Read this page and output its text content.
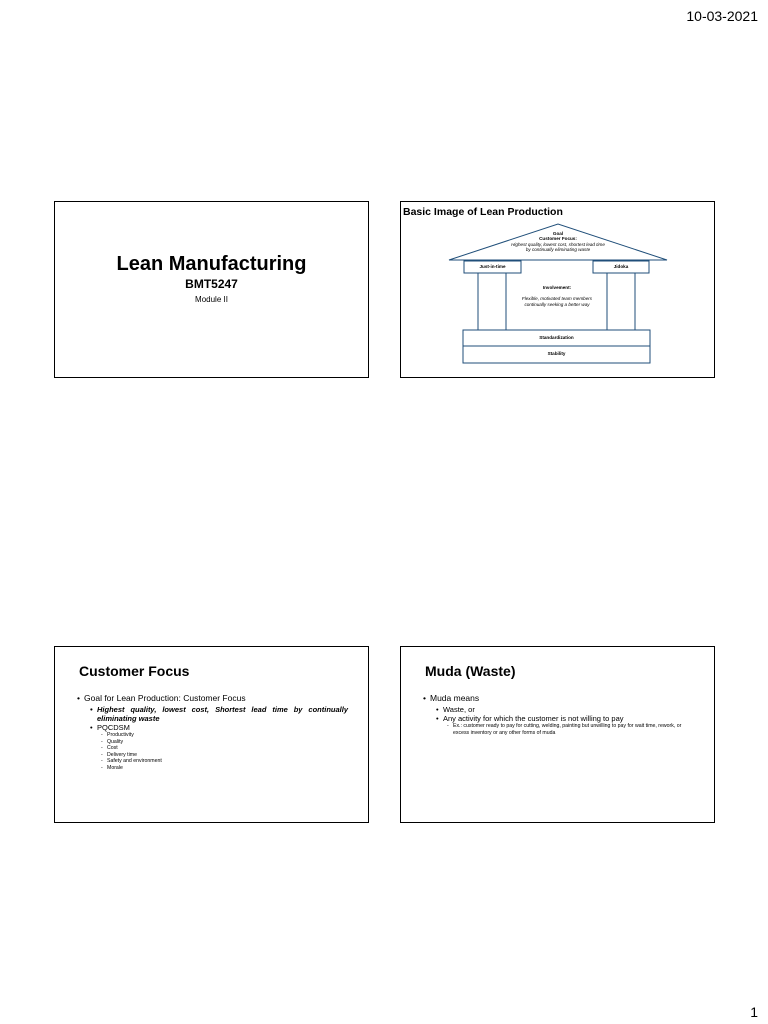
10-03-2021
Lean Manufacturing
BMT5247
Module II
Basic Image of Lean Production
Goal
Customer Focus:
Highest quality, lowest cost, shortest lead time
by continually eliminating waste
Just-in-time	Jidoka
Involvement:
Flexible, motivated team members
continually seeking a better way
Standardization
Stability
Customer Focus
• Goal for Lean Production: Customer Focus
• Highest quality, lowest cost, Shortest lead time by continually eliminating waste
• PQCDSM
- Productivity
- Quality
- Cost
- Delivery time
- Safety and environment
- Morale
Muda (Waste)
• Muda means
• Waste, or
• Any activity for which the customer is not willing to pay
- Ex.: customer ready to pay for cutting, welding, painting but unwilling to pay for wait time, rework, or excess inventory or any other forms of muda
1
